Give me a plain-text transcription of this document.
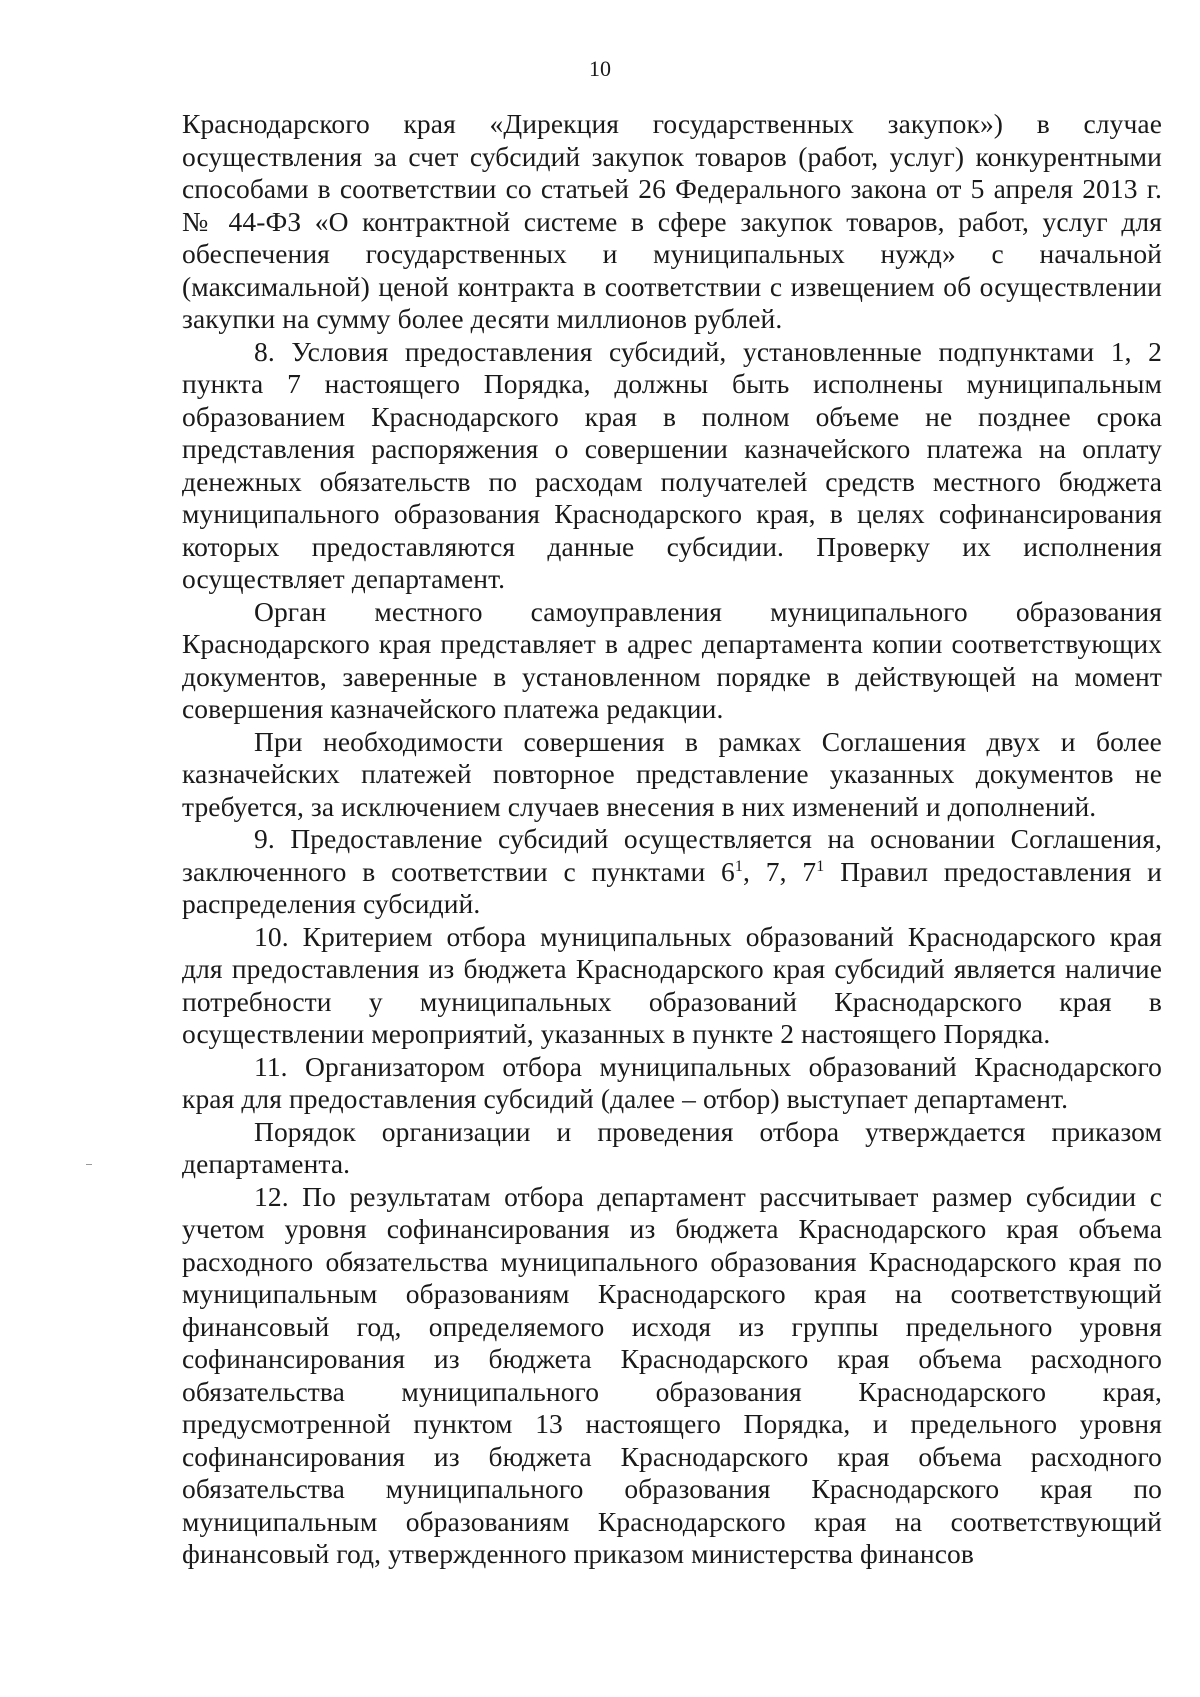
10

Краснодарского края «Дирекция государственных закупок») в случае осуществления за счет субсидий закупок товаров (работ, услуг) конкурентными способами в соответствии со статьей 26 Федерального закона от 5 апреля 2013 г. № 44-ФЗ «О контрактной системе в сфере закупок товаров, работ, услуг для обеспечения государственных и муниципальных нужд» с начальной (максимальной) ценой контракта в соответствии с извещением об осуществлении закупки на сумму более десяти миллионов рублей.

8. Условия предоставления субсидий, установленные подпунктами 1, 2 пункта 7 настоящего Порядка, должны быть исполнены муниципальным образованием Краснодарского края в полном объеме не позднее срока представления распоряжения о совершении казначейского платежа на оплату денежных обязательств по расходам получателей средств местного бюджета муниципального образования Краснодарского края, в целях софинансирования которых предоставляются данные субсидии. Проверку их исполнения осуществляет департамент.

Орган местного самоуправления муниципального образования Краснодарского края представляет в адрес департамента копии соответствующих документов, заверенные в установленном порядке в действующей на момент совершения казначейского платежа редакции.

При необходимости совершения в рамках Соглашения двух и более казначейских платежей повторное представление указанных документов не требуется, за исключением случаев внесения в них изменений и дополнений.

9. Предоставление субсидий осуществляется на основании Соглашения, заключенного в соответствии с пунктами $6^1$, 7, $7^1$ Правил предоставления и распределения субсидий.

10. Критерием отбора муниципальных образований Краснодарского края для предоставления из бюджета Краснодарского края субсидий является наличие потребности у муниципальных образований Краснодарского края в осуществлении мероприятий, указанных в пункте 2 настоящего Порядка.

11. Организатором отбора муниципальных образований Краснодарского края для предоставления субсидий (далее – отбор) выступает департамент.

Порядок организации и проведения отбора утверждается приказом департамента.

12. По результатам отбора департамент рассчитывает размер субсидии с учетом уровня софинансирования из бюджета Краснодарского края объема расходного обязательства муниципального образования Краснодарского края по муниципальным образованиям Краснодарского края на соответствующий финансовый год, определяемого исходя из группы предельного уровня софинансирования из бюджета Краснодарского края объема расходного обязательства муниципального образования Краснодарского края, предусмотренной пунктом 13 настоящего Порядка, и предельного уровня софинансирования из бюджета Краснодарского края объема расходного обязательства муниципального образования Краснодарского края по муниципальным образованиям Краснодарского края на соответствующий финансовый год, утвержденного приказом министерства финансов
